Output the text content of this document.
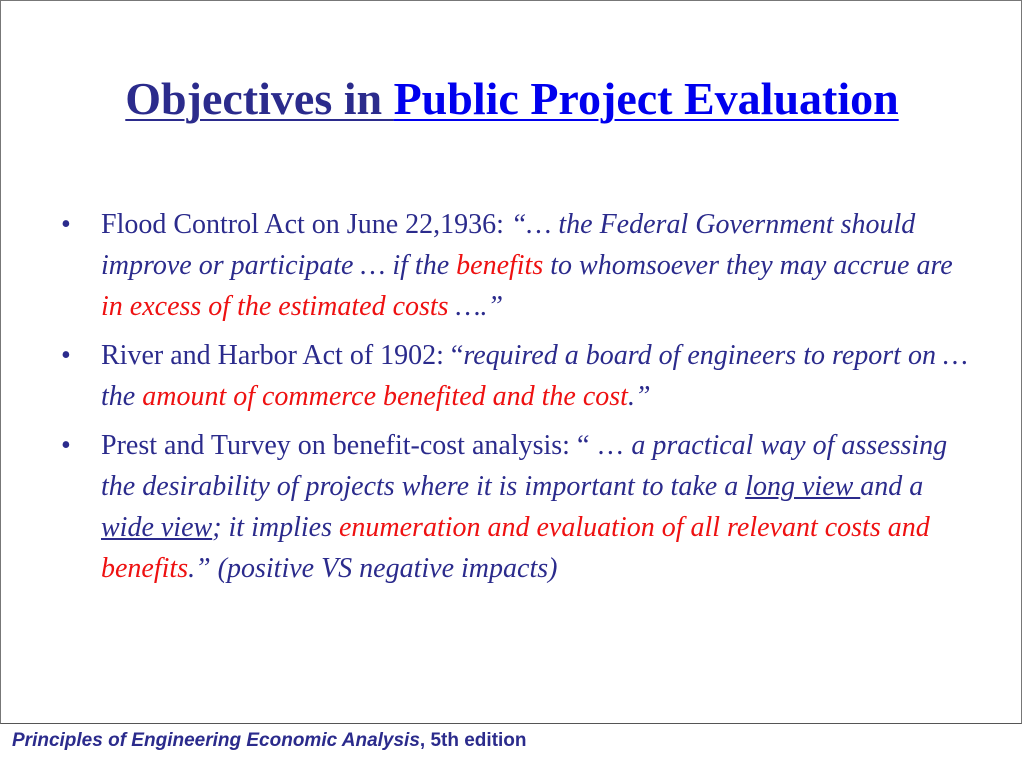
Objectives in Public Project Evaluation
•	Flood Control Act on June 22,1936: “… the Federal Government should improve or participate … if the benefits to whomsoever they may accrue are in excess of the estimated costs ….”
•	River and Harbor Act of 1902: “required a board of engineers to report on … the amount of commerce benefited and the cost.”
•	Prest and Turvey on benefit-cost analysis: “ … a practical way of assessing the desirability of projects where it is important to take a long view and a wide view; it implies enumeration and evaluation of all relevant costs and benefits.” (positive VS negative impacts)
Principles of Engineering Economic Analysis, 5th edition
